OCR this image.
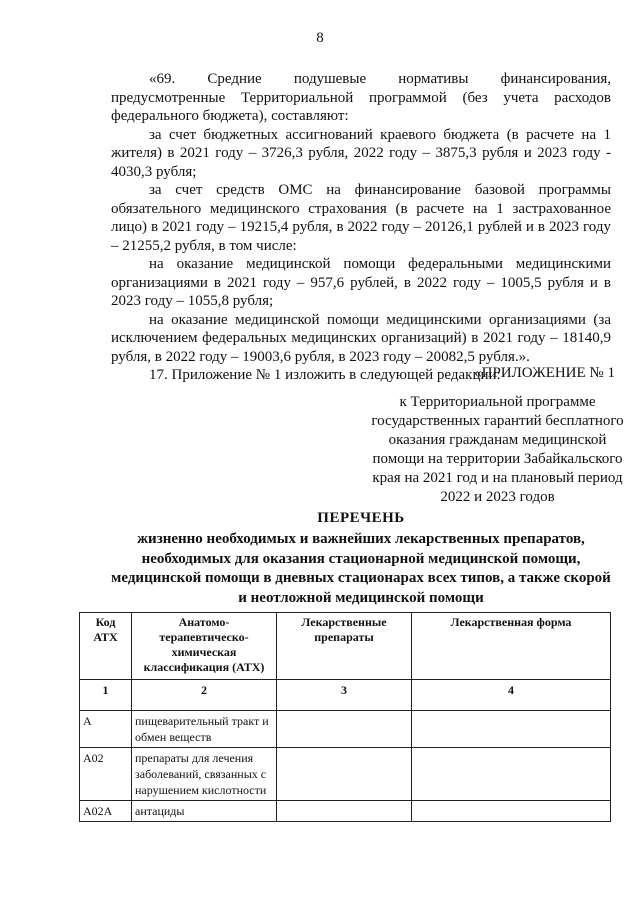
8

«69. Средние подушевые нормативы финансирования, предусмотренные Территориальной программой (без учета расходов федерального бюджета), составляют:

за счет бюджетных ассигнований краевого бюджета (в расчете на 1 жителя) в 2021 году – 3726,3 рубля, 2022 году – 3875,3 рубля и 2023 году - 4030,3 рубля;

за счет средств ОМС на финансирование базовой программы обязательного медицинского страхования (в расчете на 1 застрахованное лицо) в 2021 году – 19215,4 рубля, в 2022 году – 20126,1 рублей и в 2023 году – 21255,2 рубля, в том числе:

на оказание медицинской помощи федеральными медицинскими организациями в 2021 году – 957,6 рублей, в 2022 году – 1005,5 рубля и в 2023 году – 1055,8 рубля;

на оказание медицинской помощи медицинскими организациями (за исключением федеральных медицинских организаций) в 2021 году – 18140,9 рубля, в 2022 году – 19003,6 рубля, в 2023 году – 20082,5 рубля.».

17. Приложение № 1 изложить в следующей редакции:

«ПРИЛОЖЕНИЕ № 1
к Территориальной программе государственных гарантий бесплатного оказания гражданам медицинской помощи на территории Забайкальского края на 2021 год и на плановый период 2022 и 2023 годов
ПЕРЕЧЕНЬ
жизненно необходимых и важнейших лекарственных препаратов, необходимых для оказания стационарной медицинской помощи, медицинской помощи в дневных стационарах всех типов, а также скорой и неотложной медицинской помощи
Код АТХ	Анатомо-терапевтическо-химическая классификация (АТХ)	Лекарственные препараты	Лекарственная форма
1	2	3	4
А	пищеварительный тракт и обмен веществ		
А02	препараты для лечения заболеваний, связанных с нарушением кислотности		
А02А	антациды		
